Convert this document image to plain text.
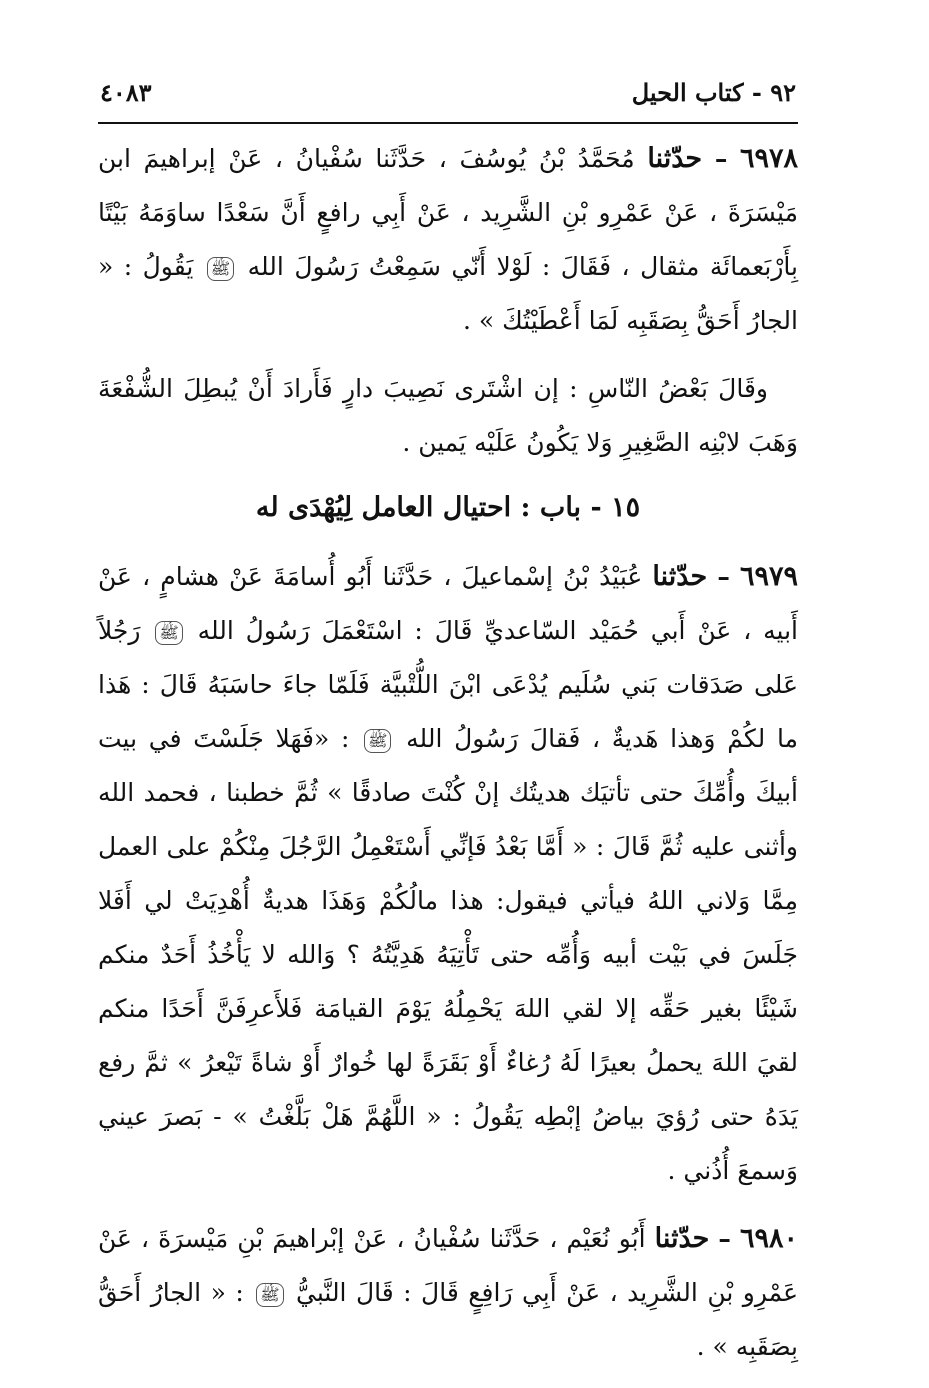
٩٢ - كتاب الحيل
٤٠٨٣

٦٩٧٨ – حدّثنا مُحَمَّدُ بْنُ يُوسُفَ ، حَدَّثَنا سُفْيانُ ، عَنْ إبراهيمَ ابن مَيْسَرَةَ ، عَنْ عَمْرِو بْنِ الشَّرِيد ، عَنْ أَبِي رافعٍ أَنَّ سَعْدًا ساوَمَهُ بَيْتًا بِأَرْبَعمائَة مثقال ، فَقَالَ : لَوْلا أَنّي سَمِعْتُ رَسُولَ الله ﷺ يَقُولُ : « الجارُ أَحَقُّ بِصَقَبِه لَمَا أَعْطَيْتُكَ » .

وقَالَ بَعْضُ النّاسِ : إن اشْتَرى نَصِيبَ دارٍ فَأَرادَ أَنْ يُبطِلَ الشُّفْعَةَ وَهَبَ لابْنِه الصَّغِيرِ وَلا يَكُونُ عَلَيْه يَمين .

١٥ - باب : احتيال العامل لِيُهْدَى له

٦٩٧٩ – حدّثنا عُبَيْدُ بْنُ إسْماعيلَ ، حَدَّثَنا أَبُو أُسامَةَ عَنْ هشامٍ ، عَنْ أَبيه ، عَنْ أَبي حُمَيْد السّاعديِّ قَالَ : اسْتَعْمَلَ رَسُولُ الله ﷺ رَجُلاً عَلى صَدَقات بَني سُلَيم يُدْعَى ابْنَ اللُّتْبيَّة فَلَمّا جاءَ حاسَبَهُ قَالَ : هَذا ما لكُمْ وَهذا هَديةٌ ، فَقالَ رَسُولُ الله ﷺ : «فَهَلا جَلَسْتَ في بيت أبيكَ وأُمِّكَ حتى تأتيَك هديتُك إنْ كُنْتَ صادقًا » ثُمَّ خطبنا ، فحمد الله وأثنى عليه ثُمَّ قَالَ : « أَمَّا بَعْدُ فَإنِّي أَسْتَعْمِلُ الرَّجُلَ مِنْكُمْ على العمل مِمَّا وَلاني اللهُ فيأتي فيقول: هذا مالُكُمْ وَهَذَا هديةٌ أُهْدِيَتْ لي أَفَلا جَلَسَ في بَيْت أبيه وَأُمِّه حتى تَأْتِيَهُ هَدِيَّتُهُ ؟ وَالله لا يَأْخُذُ أَحَدٌ منكم شَيْئًا بغير حَقِّه إلا لقي اللهَ يَحْمِلُهُ يَوْمَ القيامَة فَلأَعرِفَنَّ أَحَدًا منكم لقيَ اللهَ يحملُ بعيرًا لَهُ رُغاءٌ أَوْ بَقَرَةً لها خُوارٌ أَوْ شاةً تَيْعرُ » ثمَّ رفع يَدَهُ حتى رُؤيَ بياضُ إبْطِه يَقُولُ : « اللَّهُمَّ هَلْ بَلَّغْتُ » - بَصرَ عيني وَسمعَ أُذُني .

٦٩٨٠ – حدّثنا أَبُو نُعَيْم ، حَدَّثَنا سُفْيانُ ، عَنْ إبْراهيمَ بْنِ مَيْسرَةَ ، عَنْ عَمْرِو بْنِ الشَّرِيد ، عَنْ أَبِي رَافِعٍ قَالَ : قَالَ النَّبيُّ ﷺ : « الجارُ أَحَقُّ بِصَقَبِه » .
